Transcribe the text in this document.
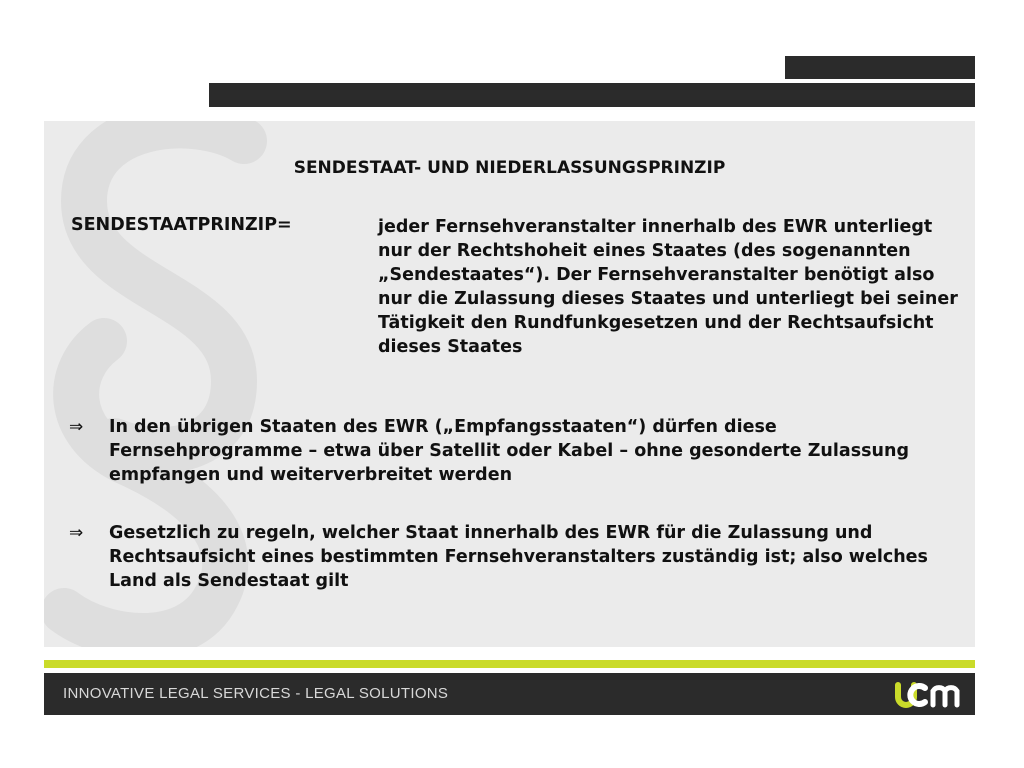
SENDESTAAT- UND NIEDERLASSUNGSPRINZIP
SENDESTAATPRINZIP=	jeder Fernsehveranstalter innerhalb des EWR unterliegt nur der Rechtshoheit eines Staates (des sogenannten „Sendestaates“). Der Fernsehveranstalter benötigt also nur die Zulassung dieses Staates und unterliegt bei seiner Tätigkeit den Rundfunkgesetzen und der Rechtsaufsicht dieses Staates
⇒	In den übrigen Staaten des EWR („Empfangsstaaten“) dürfen diese Fernsehprogramme – etwa über Satellit oder Kabel – ohne gesonderte Zulassung empfangen und weiterverbreitet werden
⇒	Gesetzlich zu regeln, welcher Staat innerhalb des EWR für die Zulassung und Rechtsaufsicht eines bestimmten Fernsehveranstalters zuständig ist; also welches Land als Sendestaat gilt
INNOVATIVE LEGAL SERVICES - LEGAL SOLUTIONS
